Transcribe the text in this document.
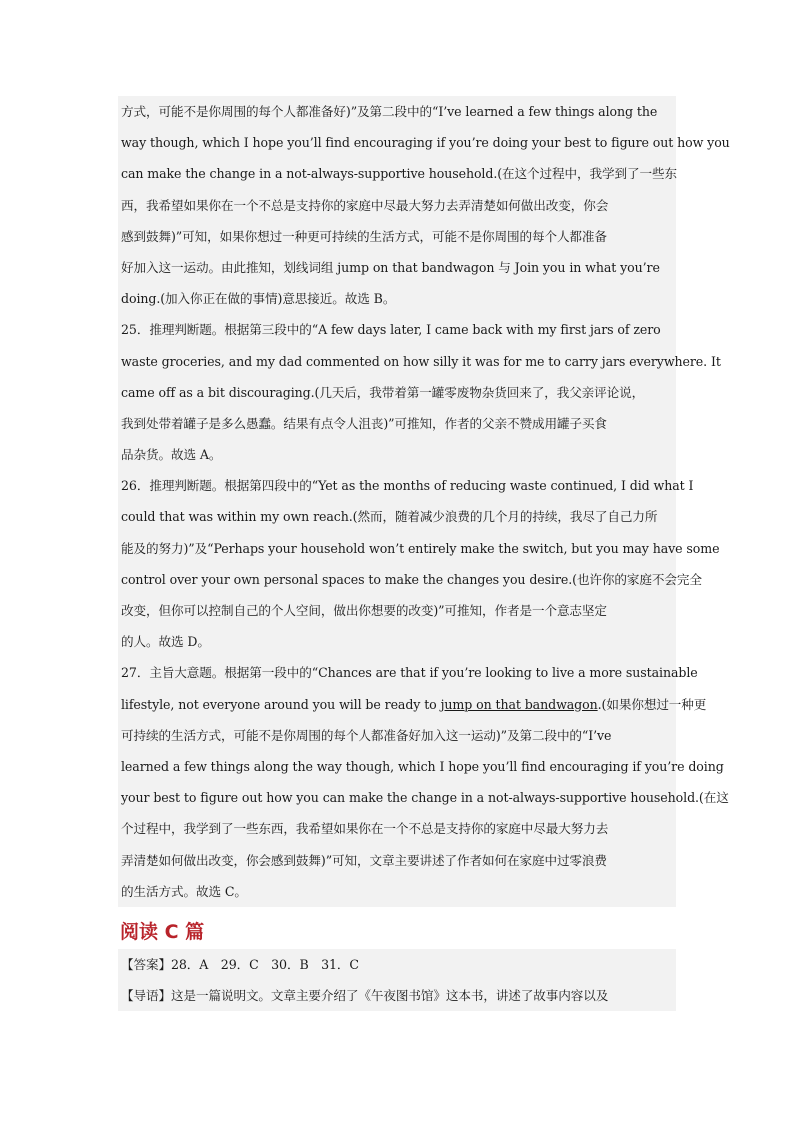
方式，可能不是你周围的每个人都准备好)”及第二段中的“I’ve learned a few things along the
way though, which I hope you’ll find encouraging if you’re doing your best to figure out how you
can make the change in a not-always-supportive household.(在这个过程中，我学到了一些东
西，我希望如果你在一个不总是支持你的家庭中尽最大努力去弄清楚如何做出改变，你会
感到鼓舞)”可知，如果你想过一种更可持续的生活方式，可能不是你周围的每个人都准备
好加入这一运动。由此推知，划线词组 jump on that bandwagon 与 Join you in what you’re
doing.(加入你正在做的事情)意思接近。故选 B。
25．推理判断题。根据第三段中的“A few days later, I came back with my first jars of zero
waste groceries, and my dad commented on how silly it was for me to carry jars everywhere. It
came off as a bit discouraging.(几天后，我带着第一罐零废物杂货回来了，我父亲评论说，
我到处带着罐子是多么愚蠢。结果有点令人沮丧)”可推知，作者的父亲不赞成用罐子买食
品杂货。故选 A。
26．推理判断题。根据第四段中的“Yet as the months of reducing waste continued, I did what I
could that was within my own reach.(然而，随着减少浪费的几个月的持续，我尽了自己力所
能及的努力)”及“Perhaps your household won’t entirely make the switch, but you may have some
control over your own personal spaces to make the changes you desire.(也许你的家庭不会完全
改变，但你可以控制自己的个人空间，做出你想要的改变)”可推知，作者是一个意志坚定
的人。故选 D。
27．主旨大意题。根据第一段中的“Chances are that if you’re looking to live a more sustainable
lifestyle, not everyone around you will be ready to jump on that bandwagon.(如果你想过一种更
可持续的生活方式，可能不是你周围的每个人都准备好加入这一运动)”及第二段中的“I’ve
learned a few things along the way though, which I hope you’ll find encouraging if you’re doing
your best to figure out how you can make the change in a not-always-supportive household.(在这
个过程中，我学到了一些东西，我希望如果你在一个不总是支持你的家庭中尽最大努力去
弄清楚如何做出改变，你会感到鼓舞)”可知，文章主要讲述了作者如何在家庭中过零浪费
的生活方式。故选 C。
阅读 C 篇
【答案】28．A　29．C　30．B　31．C
【导语】这是一篇说明文。文章主要介绍了《午夜图书馆》这本书，讲述了故事内容以及
